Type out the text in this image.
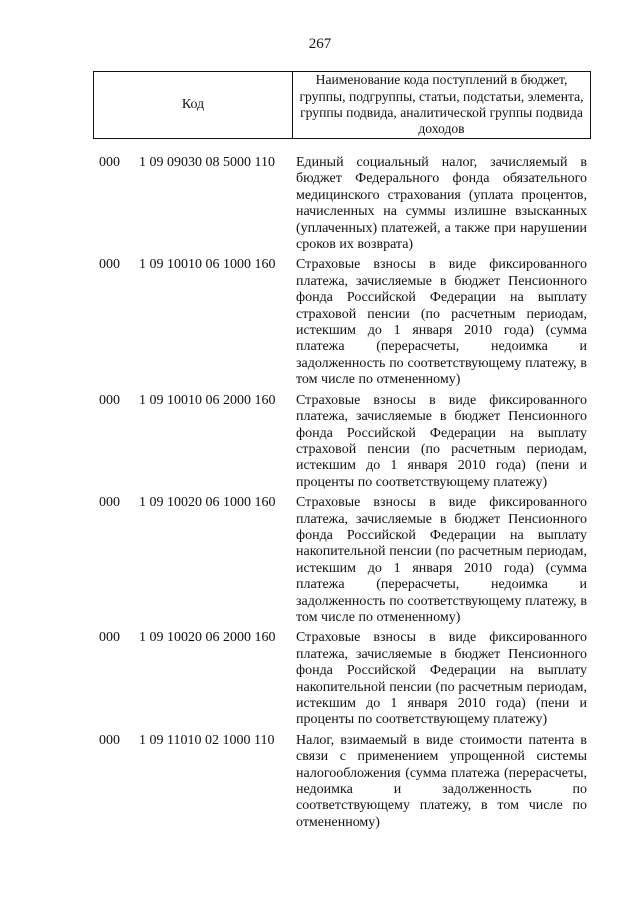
267
Код
Наименование кода поступлений в бюджет, группы, подгруппы, статьи, подстатьи, элемента, группы подвида, аналитической группы подвида доходов
000 1 09 09030 08 5000 110 Единый социальный налог, зачисляемый в бюджет Федерального фонда обязательного медицинского страхования (уплата процентов, начисленных на суммы излишне взысканных (уплаченных) платежей, а также при нарушении сроков их возврата)
000 1 09 10010 06 1000 160 Страховые взносы в виде фиксированного платежа, зачисляемые в бюджет Пенсионного фонда Российской Федерации на выплату страховой пенсии (по расчетным периодам, истекшим до 1 января 2010 года) (сумма платежа (перерасчеты, недоимка и задолженность по соответствующему платежу, в том числе по отмененному)
000 1 09 10010 06 2000 160 Страховые взносы в виде фиксированного платежа, зачисляемые в бюджет Пенсионного фонда Российской Федерации на выплату страховой пенсии (по расчетным периодам, истекшим до 1 января 2010 года) (пени и проценты по соответствующему платежу)
000 1 09 10020 06 1000 160 Страховые взносы в виде фиксированного платежа, зачисляемые в бюджет Пенсионного фонда Российской Федерации на выплату накопительной пенсии (по расчетным периодам, истекшим до 1 января 2010 года) (сумма платежа (перерасчеты, недоимка и задолженность по соответствующему платежу, в том числе по отмененному)
000 1 09 10020 06 2000 160 Страховые взносы в виде фиксированного платежа, зачисляемые в бюджет Пенсионного фонда Российской Федерации на выплату накопительной пенсии (по расчетным периодам, истекшим до 1 января 2010 года) (пени и проценты по соответствующему платежу)
000 1 09 11010 02 1000 110 Налог, взимаемый в виде стоимости патента в связи с применением упрощенной системы налогообложения (сумма платежа (перерасчеты, недоимка и задолженность по соответствующему платежу, в том числе по отмененному)
